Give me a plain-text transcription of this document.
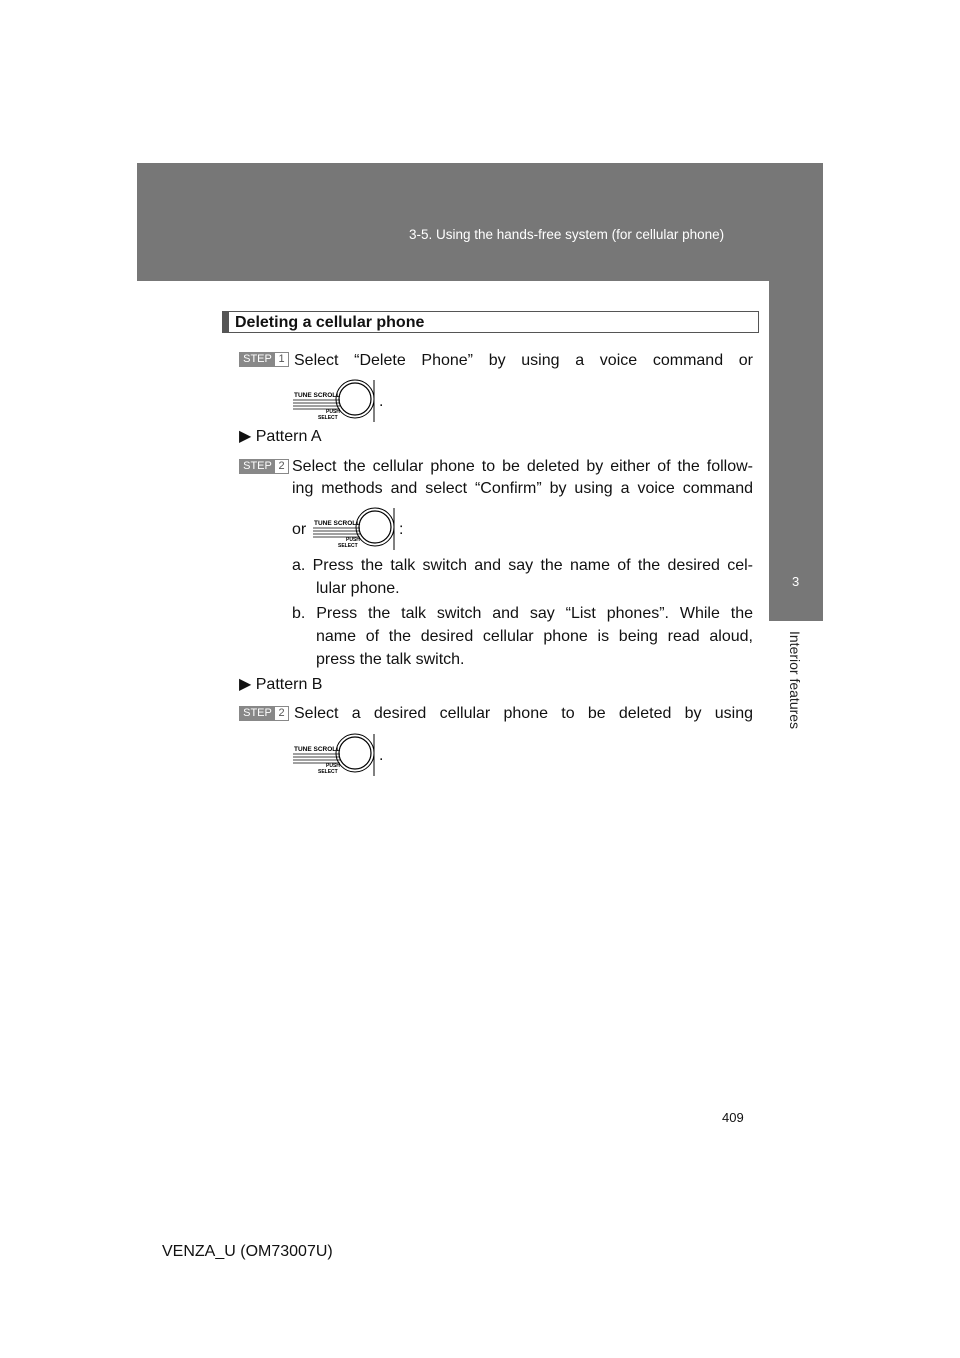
3-5. Using the hands-free system (for cellular phone)
3
Interior features
Deleting a cellular phone
STEP 1 Select “Delete Phone” by using a voice command or
TUNE SCROLL
PUSH
SELECT
.
▶ Pattern A
STEP 2 Select the cellular phone to be deleted by either of the follow-
ing methods and select “Confirm” by using a voice command
or TUNE SCROLL
PUSH
SELECT
:
a. Press the talk switch and say the name of the desired cel-
lular phone.
b. Press the talk switch and say “List phones”. While the
name of the desired cellular phone is being read aloud,
press the talk switch.
▶ Pattern B
STEP 2 Select a desired cellular phone to be deleted by using
TUNE SCROLL
PUSH
SELECT
.
409
VENZA_U (OM73007U)
